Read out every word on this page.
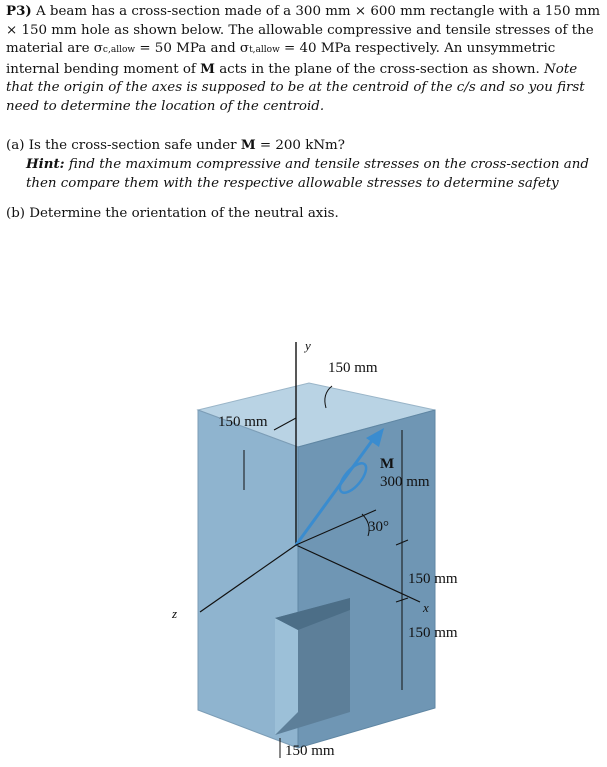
P3) A beam has a cross-section made of a 300 mm × 600 mm rectangle with a 150 mm × 150 mm hole as shown below. The allowable compressive and tensile stresses of the material are σc,allow = 50 MPa and σt,allow = 40 MPa respectively. An unsymmetric internal bending moment of M acts in the plane of the cross-section as shown. Note that the origin of the axes is supposed to be at the centroid of the c/s and so you first need to determine the location of the centroid.

(a) Is the cross-section safe under M = 200 kNm?

Hint: find the maximum compressive and tensile stresses on the cross-section and then compare them with the respective allowable stresses to determine safety

(b) Determine the orientation of the neutral axis.

y
z	x
M
30°
150 mm
150 mm
300 mm
150 mm
150 mm
150 mm
